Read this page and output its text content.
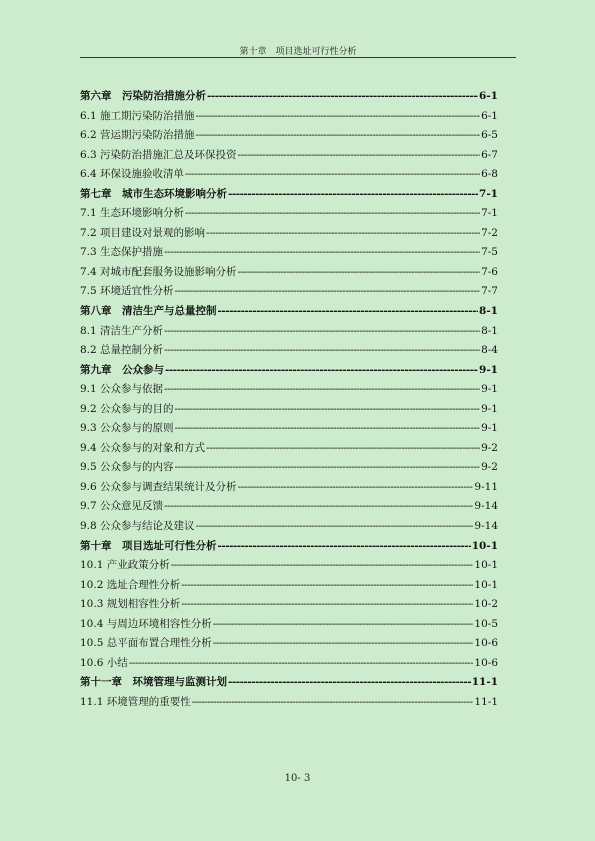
第十章　项目选址可行性分析
第六章　污染防治措施分析 -----	6-1
6.1 施工期污染防治措施 -----	6-1
6.2 营运期污染防治措施 -----	6-5
6.3 污染防治措施汇总及环保投资 -----	6-7
6.4 环保设施验收清单 -----	6-8
第七章　城市生态环境影响分析 -----	7-1
7.1 生态环境影响分析 -----	7-1
7.2 项目建设对景观的影响 -----	7-2
7.3 生态保护措施 -----	7-5
7.4 对城市配套服务设施影响分析 -----	7-6
7.5 环境适宜性分析 -----	7-7
第八章　清洁生产与总量控制 -----	8-1
8.1 清洁生产分析 -----	8-1
8.2 总量控制分析 -----	8-4
第九章　公众参与 -----	9-1
9.1 公众参与依据 -----	9-1
9.2 公众参与的目的 -----	9-1
9.3 公众参与的原则 -----	9-1
9.4 公众参与的对象和方式 -----	9-2
9.5 公众参与的内容 -----	9-2
9.6 公众参与调查结果统计及分析 -----	9-11
9.7 公众意见反馈 -----	9-14
9.8 公众参与结论及建议 -----	9-14
第十章　项目选址可行性分析 -----	10-1
10.1 产业政策分析 -----	10-1
10.2 选址合理性分析 -----	10-1
10.3 规划相容性分析 -----	10-2
10.4 与周边环境相容性分析 -----	10-5
10.5 总平面布置合理性分析 -----	10-6
10.6 小结 -----	10-6
第十一章　环境管理与监测计划 -----	11-1
11.1 环境管理的重要性 -----	11-1
10- 3
